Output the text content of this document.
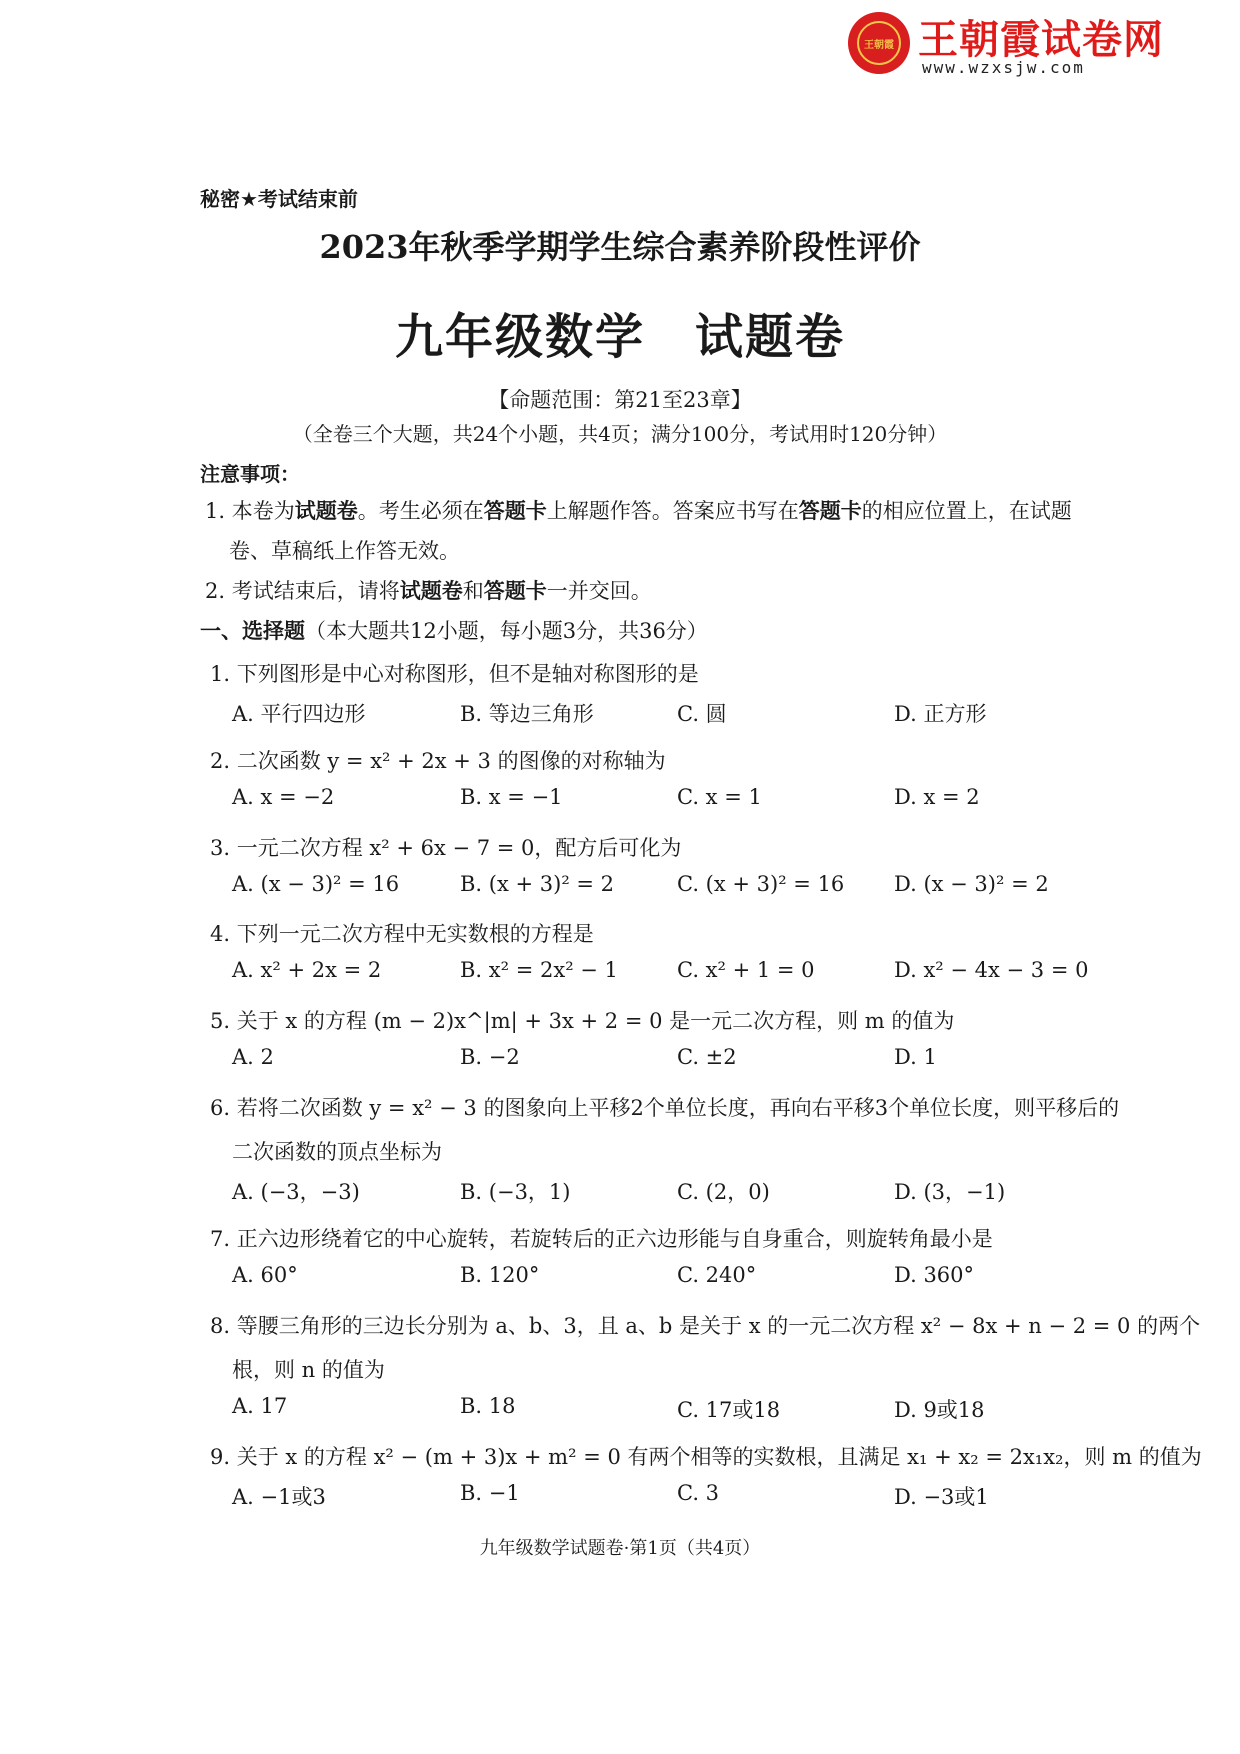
王朝霞 王朝霞试卷网
www.wzxsjw.com
秘密★考试结束前
2023年秋季学期学生综合素养阶段性评价
九年级数学　试题卷
【命题范围：第21至23章】
（全卷三个大题，共24个小题，共4页；满分100分，考试用时120分钟）
注意事项：
1. 本卷为试题卷。考生必须在答题卡上解题作答。答案应书写在答题卡的相应位置上，在试题
卷、草稿纸上作答无效。
2. 考试结束后，请将试题卷和答题卡一并交回。
一、选择题（本大题共12小题，每小题3分，共36分）
1. 下列图形是中心对称图形，但不是轴对称图形的是
A. 平行四边形	B. 等边三角形	C. 圆	D. 正方形
2. 二次函数 y = x² + 2x + 3 的图像的对称轴为
A. x = −2	B. x = −1	C. x = 1	D. x = 2
3. 一元二次方程 x² + 6x − 7 = 0，配方后可化为
A. (x − 3)² = 16	B. (x + 3)² = 2	C. (x + 3)² = 16 D. (x − 3)² = 2
4. 下列一元二次方程中无实数根的方程是
A. x² + 2x = 2	B. x² = 2x² − 1	C. x² + 1 = 0	D. x² − 4x − 3 = 0
5. 关于 x 的方程 (m − 2)x^|m| + 3x + 2 = 0 是一元二次方程，则 m 的值为
A. 2	B. −2	C. ±2	D. 1
6. 若将二次函数 y = x² − 3 的图象向上平移2个单位长度，再向右平移3个单位长度，则平移后的
二次函数的顶点坐标为
A. (−3，−3)	B. (−3，1)	C. (2，0)	D. (3，−1)
7. 正六边形绕着它的中心旋转，若旋转后的正六边形能与自身重合，则旋转角最小是
A. 60°	B. 120°	C. 240°	D. 360°
8. 等腰三角形的三边长分别为 a、b、3，且 a、b 是关于 x 的一元二次方程 x² − 8x + n − 2 = 0 的两个
根，则 n 的值为
A. 17	B. 18	C. 17或18	D. 9或18
9. 关于 x 的方程 x² − (m + 3)x + m² = 0 有两个相等的实数根，且满足 x₁ + x₂ = 2x₁x₂，则 m 的值为
A. −1或3	B. −1	C. 3	D. −3或1
九年级数学试题卷·第1页（共4页）
